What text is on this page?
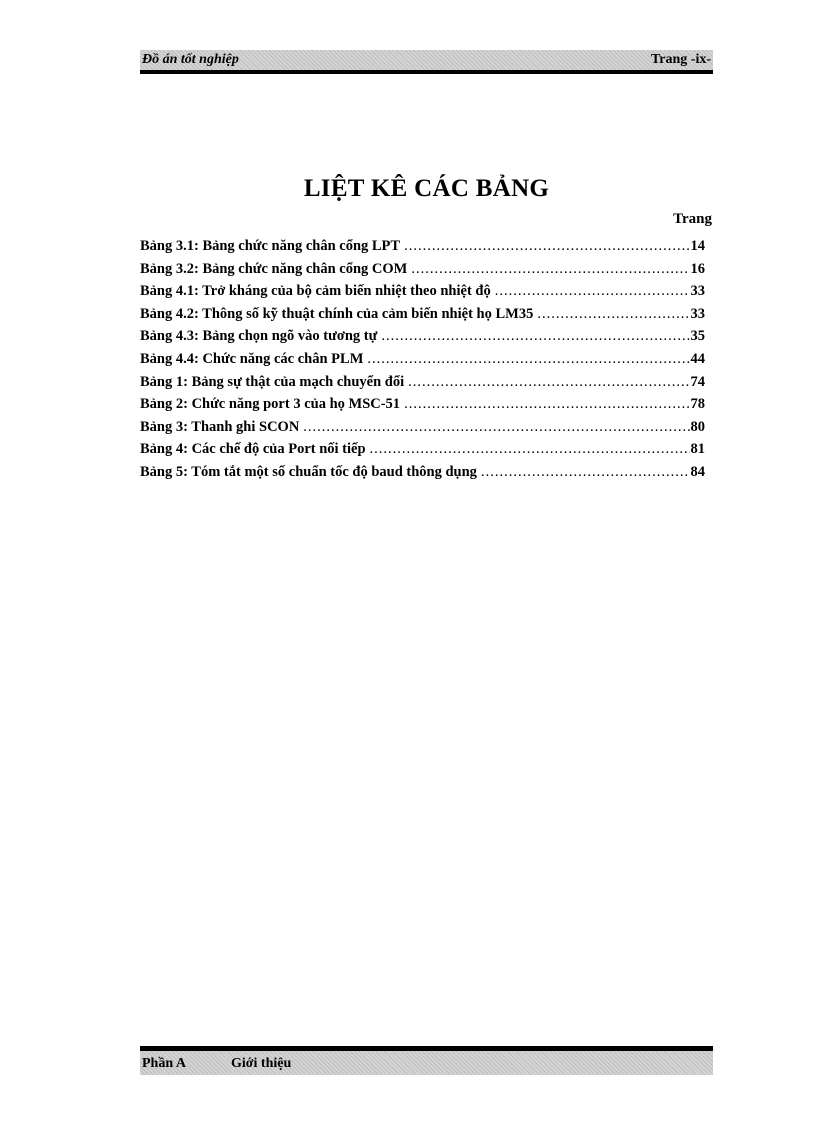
Đồ án tốt nghiệp	Trang -ix-
LIỆT KÊ CÁC BẢNG
Trang
Bảng 3.1: Bảng chức năng chân cổng LPT .....	14
Bảng 3.2: Bảng chức năng chân cổng COM .....	16
Bảng 4.1: Trở kháng của bộ cảm biến nhiệt theo nhiệt độ .....	33
Bảng 4.2: Thông số kỹ thuật chính của cảm biến nhiệt họ LM35 .....	33
Bảng 4.3: Bảng chọn ngõ vào tương tự .....	35
Bảng 4.4: Chức năng các chân PLM .....	44
Bảng 1: Bảng sự thật của mạch chuyển đổi .....	74
Bảng 2: Chức năng port 3 của họ MSC-51 .....	78
Bảng 3: Thanh ghi SCON .....	80
Bảng 4: Các chế độ của Port nối tiếp .....	81
Bảng 5: Tóm tắt một số chuẩn tốc độ baud thông dụng .....	84
Phần A	Giới thiệu
